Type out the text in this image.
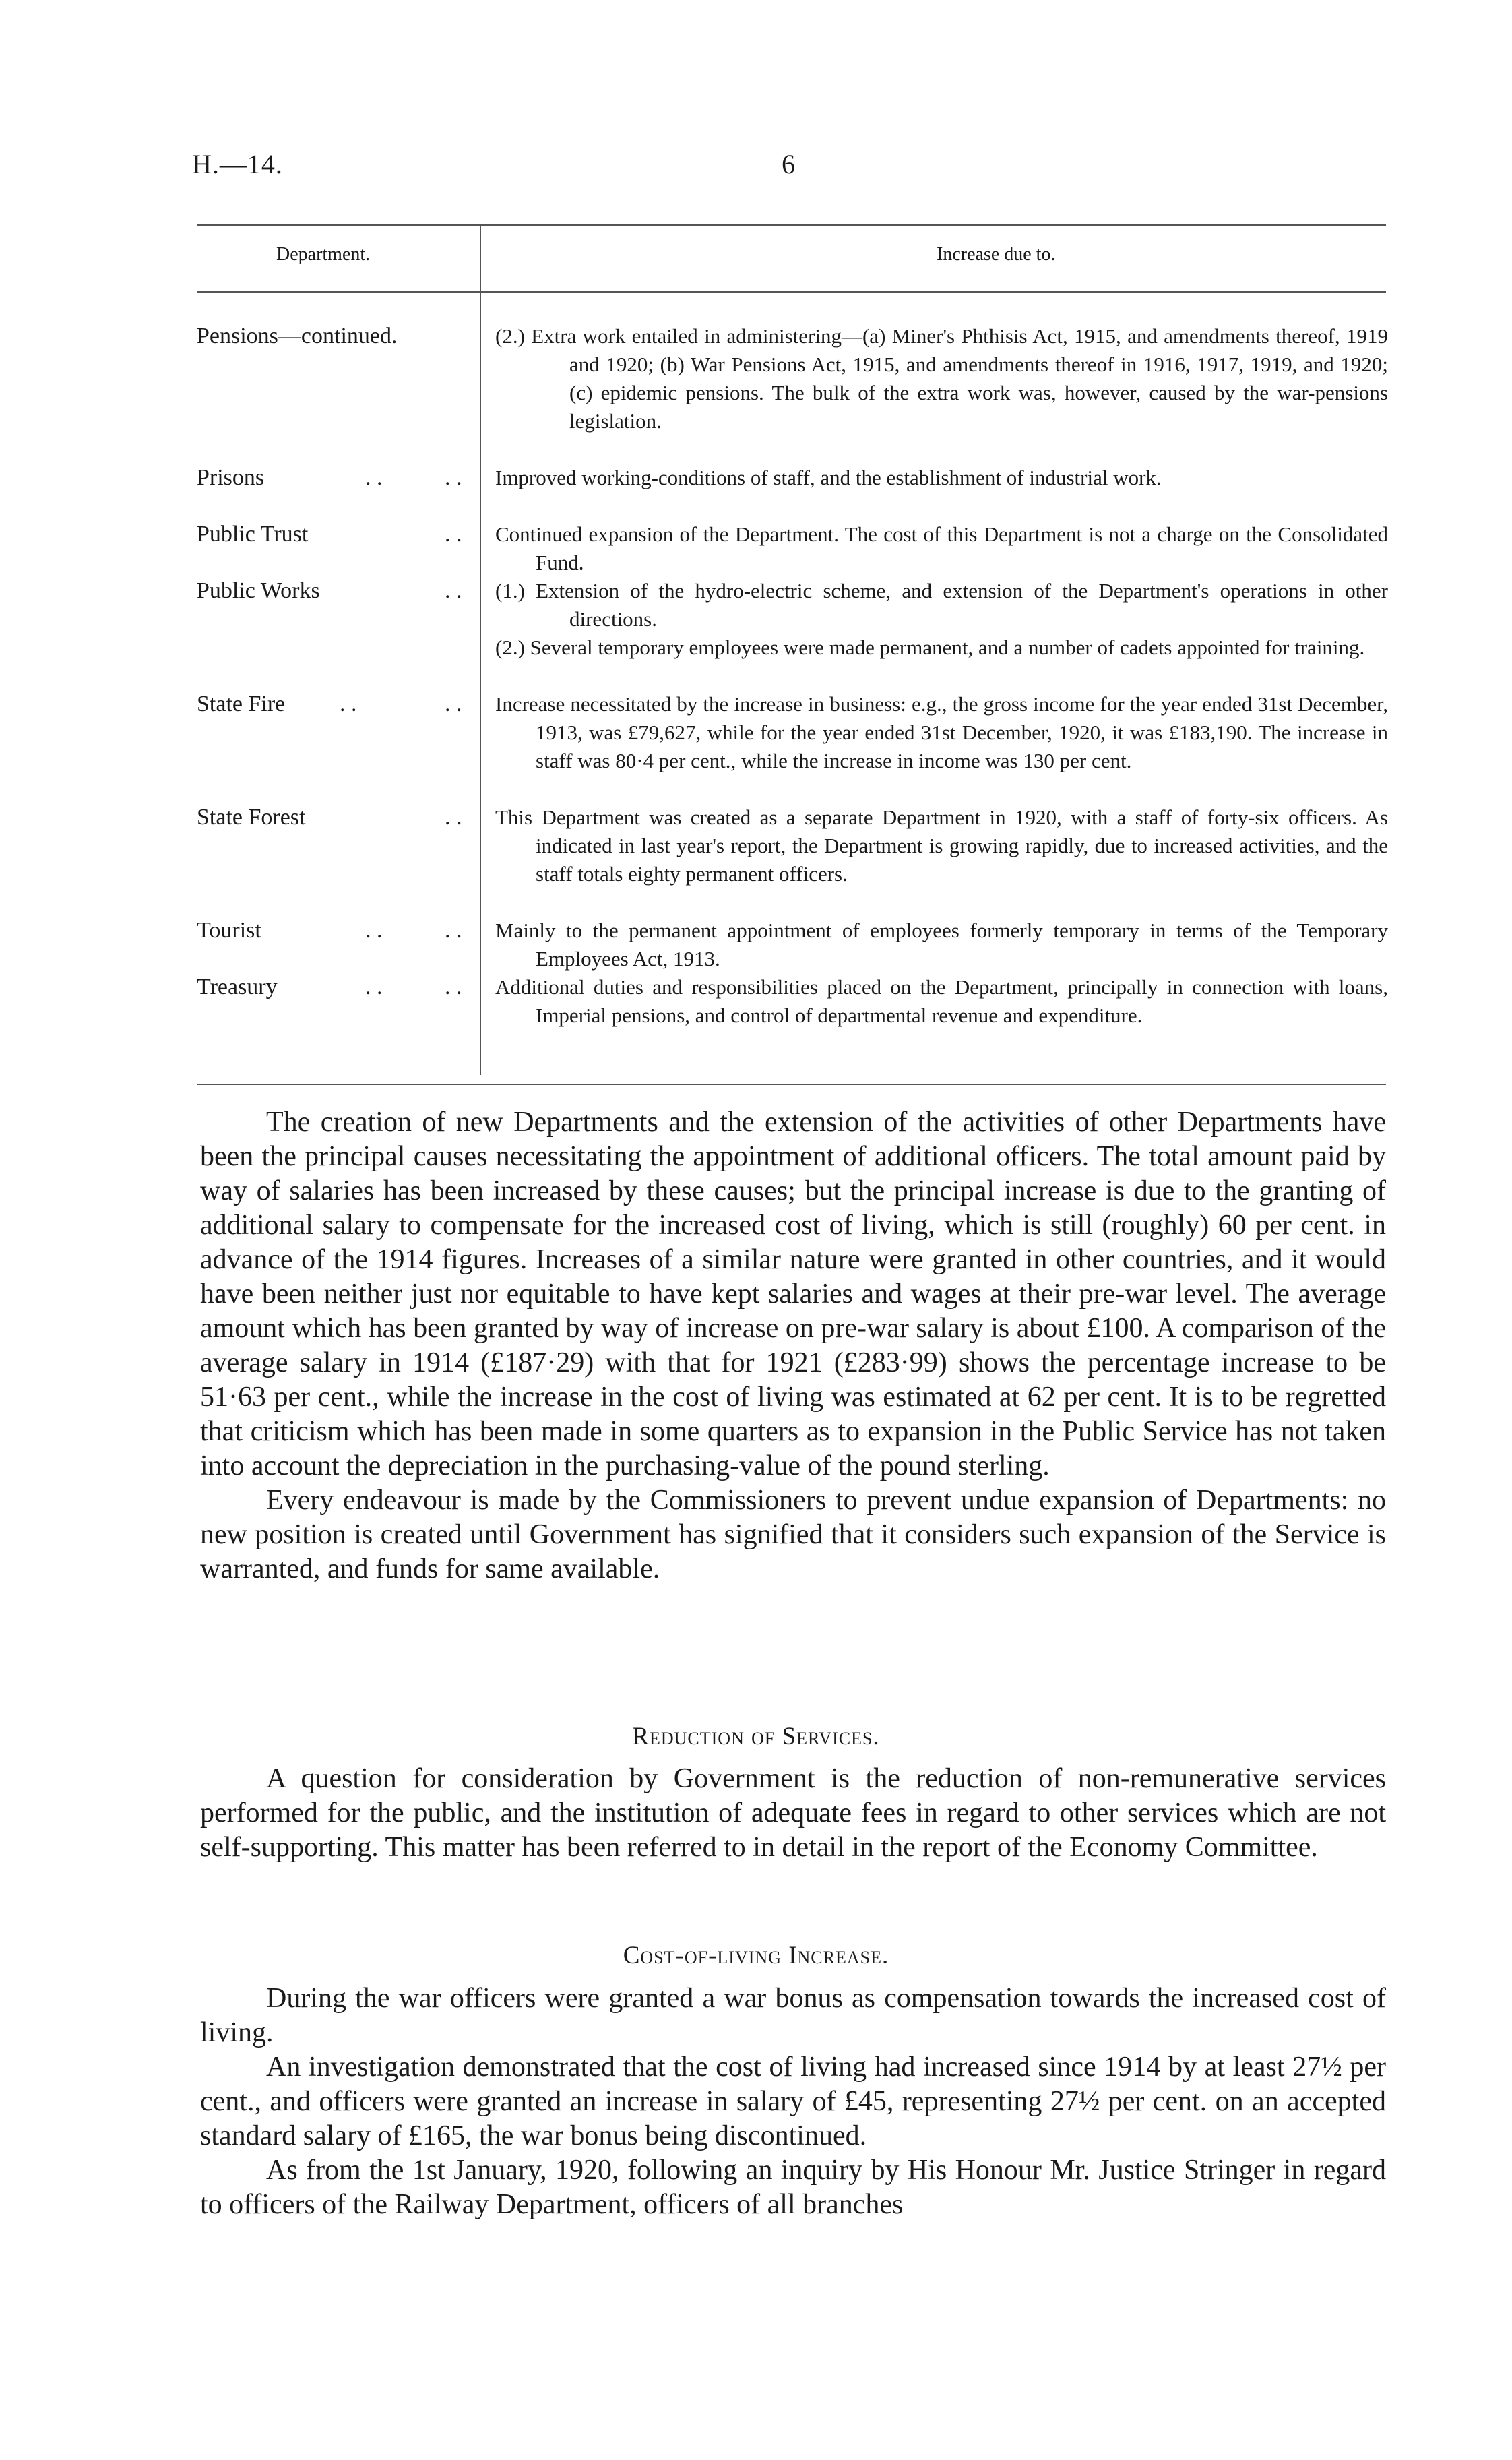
H.—14.	6
Department.	Increase due to.
Pensions—continued.	(2.) Extra work entailed in administering—(a) Miner's Phthisis Act, 1915, and amendments thereof, 1919 and 1920; (b) War Pensions Act, 1915, and amendments thereof in 1916, 1917, 1919, and 1920; (c) epidemic pensions. The bulk of the extra work was, however, caused by the war-pensions legislation.

Prisons	. .	. . Improved working-conditions of staff, and the establishment of industrial work.

Public Trust	. . Continued expansion of the Department. The cost of this Department is not a charge on the Consolidated Fund.

Public Works	. . (1.) Extension of the hydro-electric scheme, and extension of the Department's operations in other directions.

(2.) Several temporary employees were made permanent, and a number of cadets appointed for training.

State Fire . .	. . Increase necessitated by the increase in business: e.g., the gross income for the year ended 31st December, 1913, was £79,627, while for the year ended 31st December, 1920, it was £183,190. The increase in staff was 80·4 per cent., while the increase in income was 130 per cent.

State Forest	. . This Department was created as a separate Department in 1920, with a staff of forty-six officers. As indicated in last year's report, the Department is growing rapidly, due to increased activities, and the staff totals eighty permanent officers.

Tourist	. .	. . Mainly to the permanent appointment of employees formerly temporary in terms of the Temporary Employees Act, 1913.

Treasury	. .	. . Additional duties and responsibilities placed on the Department, principally in connection with loans, Imperial pensions, and control of departmental revenue and expenditure.

The creation of new Departments and the extension of the activities of other Departments have been the principal causes necessitating the appointment of additional officers. The total amount paid by way of salaries has been increased by these causes; but the principal increase is due to the granting of additional salary to compensate for the increased cost of living, which is still (roughly) 60 per cent. in advance of the 1914 figures. Increases of a similar nature were granted in other countries, and it would have been neither just nor equitable to have kept salaries and wages at their pre-war level. The average amount which has been granted by way of increase on pre-war salary is about £100. A comparison of the average salary in 1914 (£187·29) with that for 1921 (£283·99) shows the percentage increase to be 51·63 per cent., while the increase in the cost of living was estimated at 62 per cent. It is to be regretted that criticism which has been made in some quarters as to expansion in the Public Service has not taken into account the depreciation in the purchasing-value of the pound sterling.

Every endeavour is made by the Commissioners to prevent undue expansion of Departments: no new position is created until Government has signified that it considers such expansion of the Service is warranted, and funds for same available.

Reduction of Services.

A question for consideration by Government is the reduction of non-remunerative services performed for the public, and the institution of adequate fees in regard to other services which are not self-supporting. This matter has been referred to in detail in the report of the Economy Committee.

Cost-of-living Increase.

During the war officers were granted a war bonus as compensation towards the increased cost of living.

An investigation demonstrated that the cost of living had increased since 1914 by at least 27½ per cent., and officers were granted an increase in salary of £45, representing 27½ per cent. on an accepted standard salary of £165, the war bonus being discontinued.

As from the 1st January, 1920, following an inquiry by His Honour Mr. Justice Stringer in regard to officers of the Railway Department, officers of all branches
